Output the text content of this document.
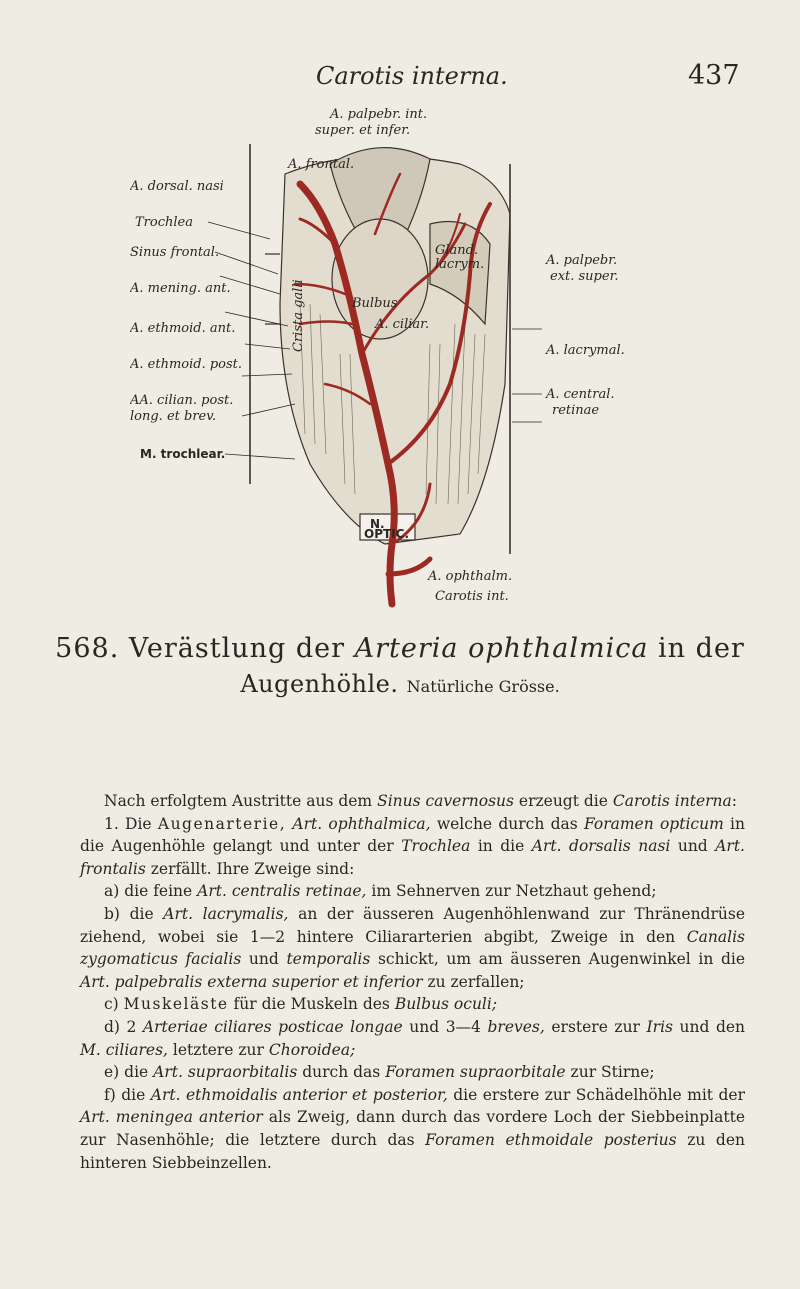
Carotis interna.	437
A. palpebr. int.
super. et infer.
A. frontal.
A. dorsal. nasi
Trochlea
Sinus frontal.
A. mening. ant.
A. ethmoid. ant.
A. ethmoid. post.
AA. cilian. post.
long. et brev.
M. trochlear.
A. palpebr.
ext. super.
A. lacrymal.
A. central.
retinae
A. ophthalm.
Carotis int.
Bulbus
Gland.
lacrym.
A. ciliar.
Crista galli
N.
OPTIC.
568. Verästlung der Arteria ophthalmica in der
Augenhöhle. Natürliche Grösse.

Nach erfolgtem Austritte aus dem Sinus cavernosus erzeugt die Carotis interna:

1. Die Augenarterie, Art. ophthalmica, welche durch das Foramen opticum in die Augenhöhle gelangt und unter der Trochlea in die Art. dorsalis nasi und Art. frontalis zerfällt. Ihre Zweige sind:

a) die feine Art. centralis retinae, im Sehnerven zur Netzhaut gehend;

b) die Art. lacrymalis, an der äusseren Augenhöhlenwand zur Thränendrüse ziehend, wobei sie 1—2 hintere Ciliararterien abgibt, Zweige in den Canalis zygomaticus facialis und temporalis schickt, um am äusseren Augenwinkel in die Art. palpebralis externa superior et inferior zu zerfallen;

c) Muskeläste für die Muskeln des Bulbus oculi;

d) 2 Arteriae ciliares posticae longae und 3—4 breves, erstere zur Iris und den M. ciliares, letztere zur Choroidea;

e) die Art. supraorbitalis durch das Foramen supraorbitale zur Stirne;

f) die Art. ethmoidalis anterior et posterior, die erstere zur Schädelhöhle mit der Art. meningea anterior als Zweig, dann durch das vordere Loch der Siebbeinplatte zur Nasenhöhle; die letztere durch das Foramen ethmoidale posterius zu den hinteren Siebbeinzellen.
